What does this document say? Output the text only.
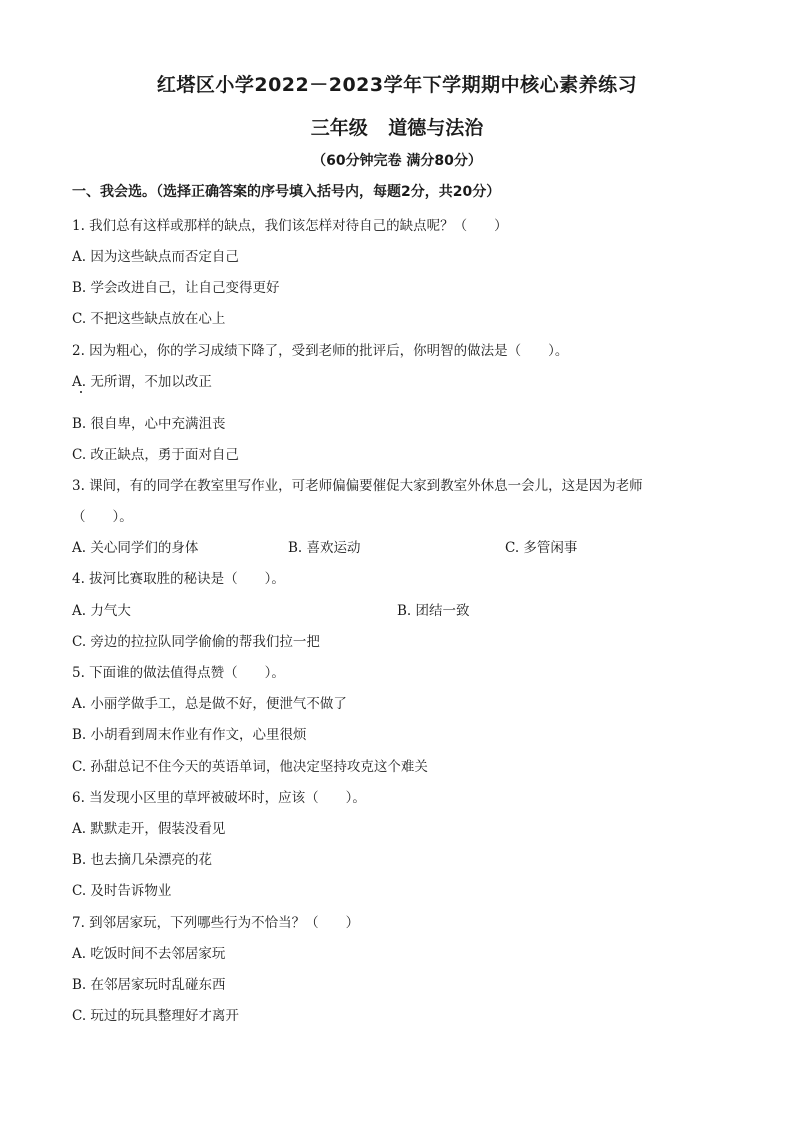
红塔区小学2022－2023学年下学期期中核心素养练习
三年级 道德与法治
（60分钟完卷 满分80分）
一、我会选。（选择正确答案的序号填入括号内，每题2分，共20分）
1. 我们总有这样或那样的缺点，我们该怎样对待自己的缺点呢？（　　）
A. 因为这些缺点而否定自己
B. 学会改进自己，让自己变得更好
C. 不把这些缺点放在心上
2. 因为粗心，你的学习成绩下降了，受到老师的批评后，你明智的做法是（　　）。
A. 无所谓，不加以改正
B. 很自卑，心中充满沮丧
C. 改正缺点，勇于面对自己
3. 课间，有的同学在教室里写作业，可老师偏偏要催促大家到教室外休息一会儿，这是因为老师
（　　）。
A. 关心同学们的身体	B. 喜欢运动	C. 多管闲事
4. 拔河比赛取胜的秘诀是（　　）。
A. 力气大	B. 团结一致
C. 旁边的拉拉队同学偷偷的帮我们拉一把
5. 下面谁的做法值得点赞（　　）。
A. 小丽学做手工，总是做不好，便泄气不做了
B. 小胡看到周末作业有作文，心里很烦
C. 孙甜总记不住今天的英语单词，他决定坚持攻克这个难关
6. 当发现小区里的草坪被破坏时，应该（　　）。
A. 默默走开，假装没看见
B. 也去摘几朵漂亮的花
C. 及时告诉物业
7. 到邻居家玩，下列哪些行为不恰当？（　　）
A. 吃饭时间不去邻居家玩
B. 在邻居家玩时乱碰东西
C. 玩过的玩具整理好才离开
